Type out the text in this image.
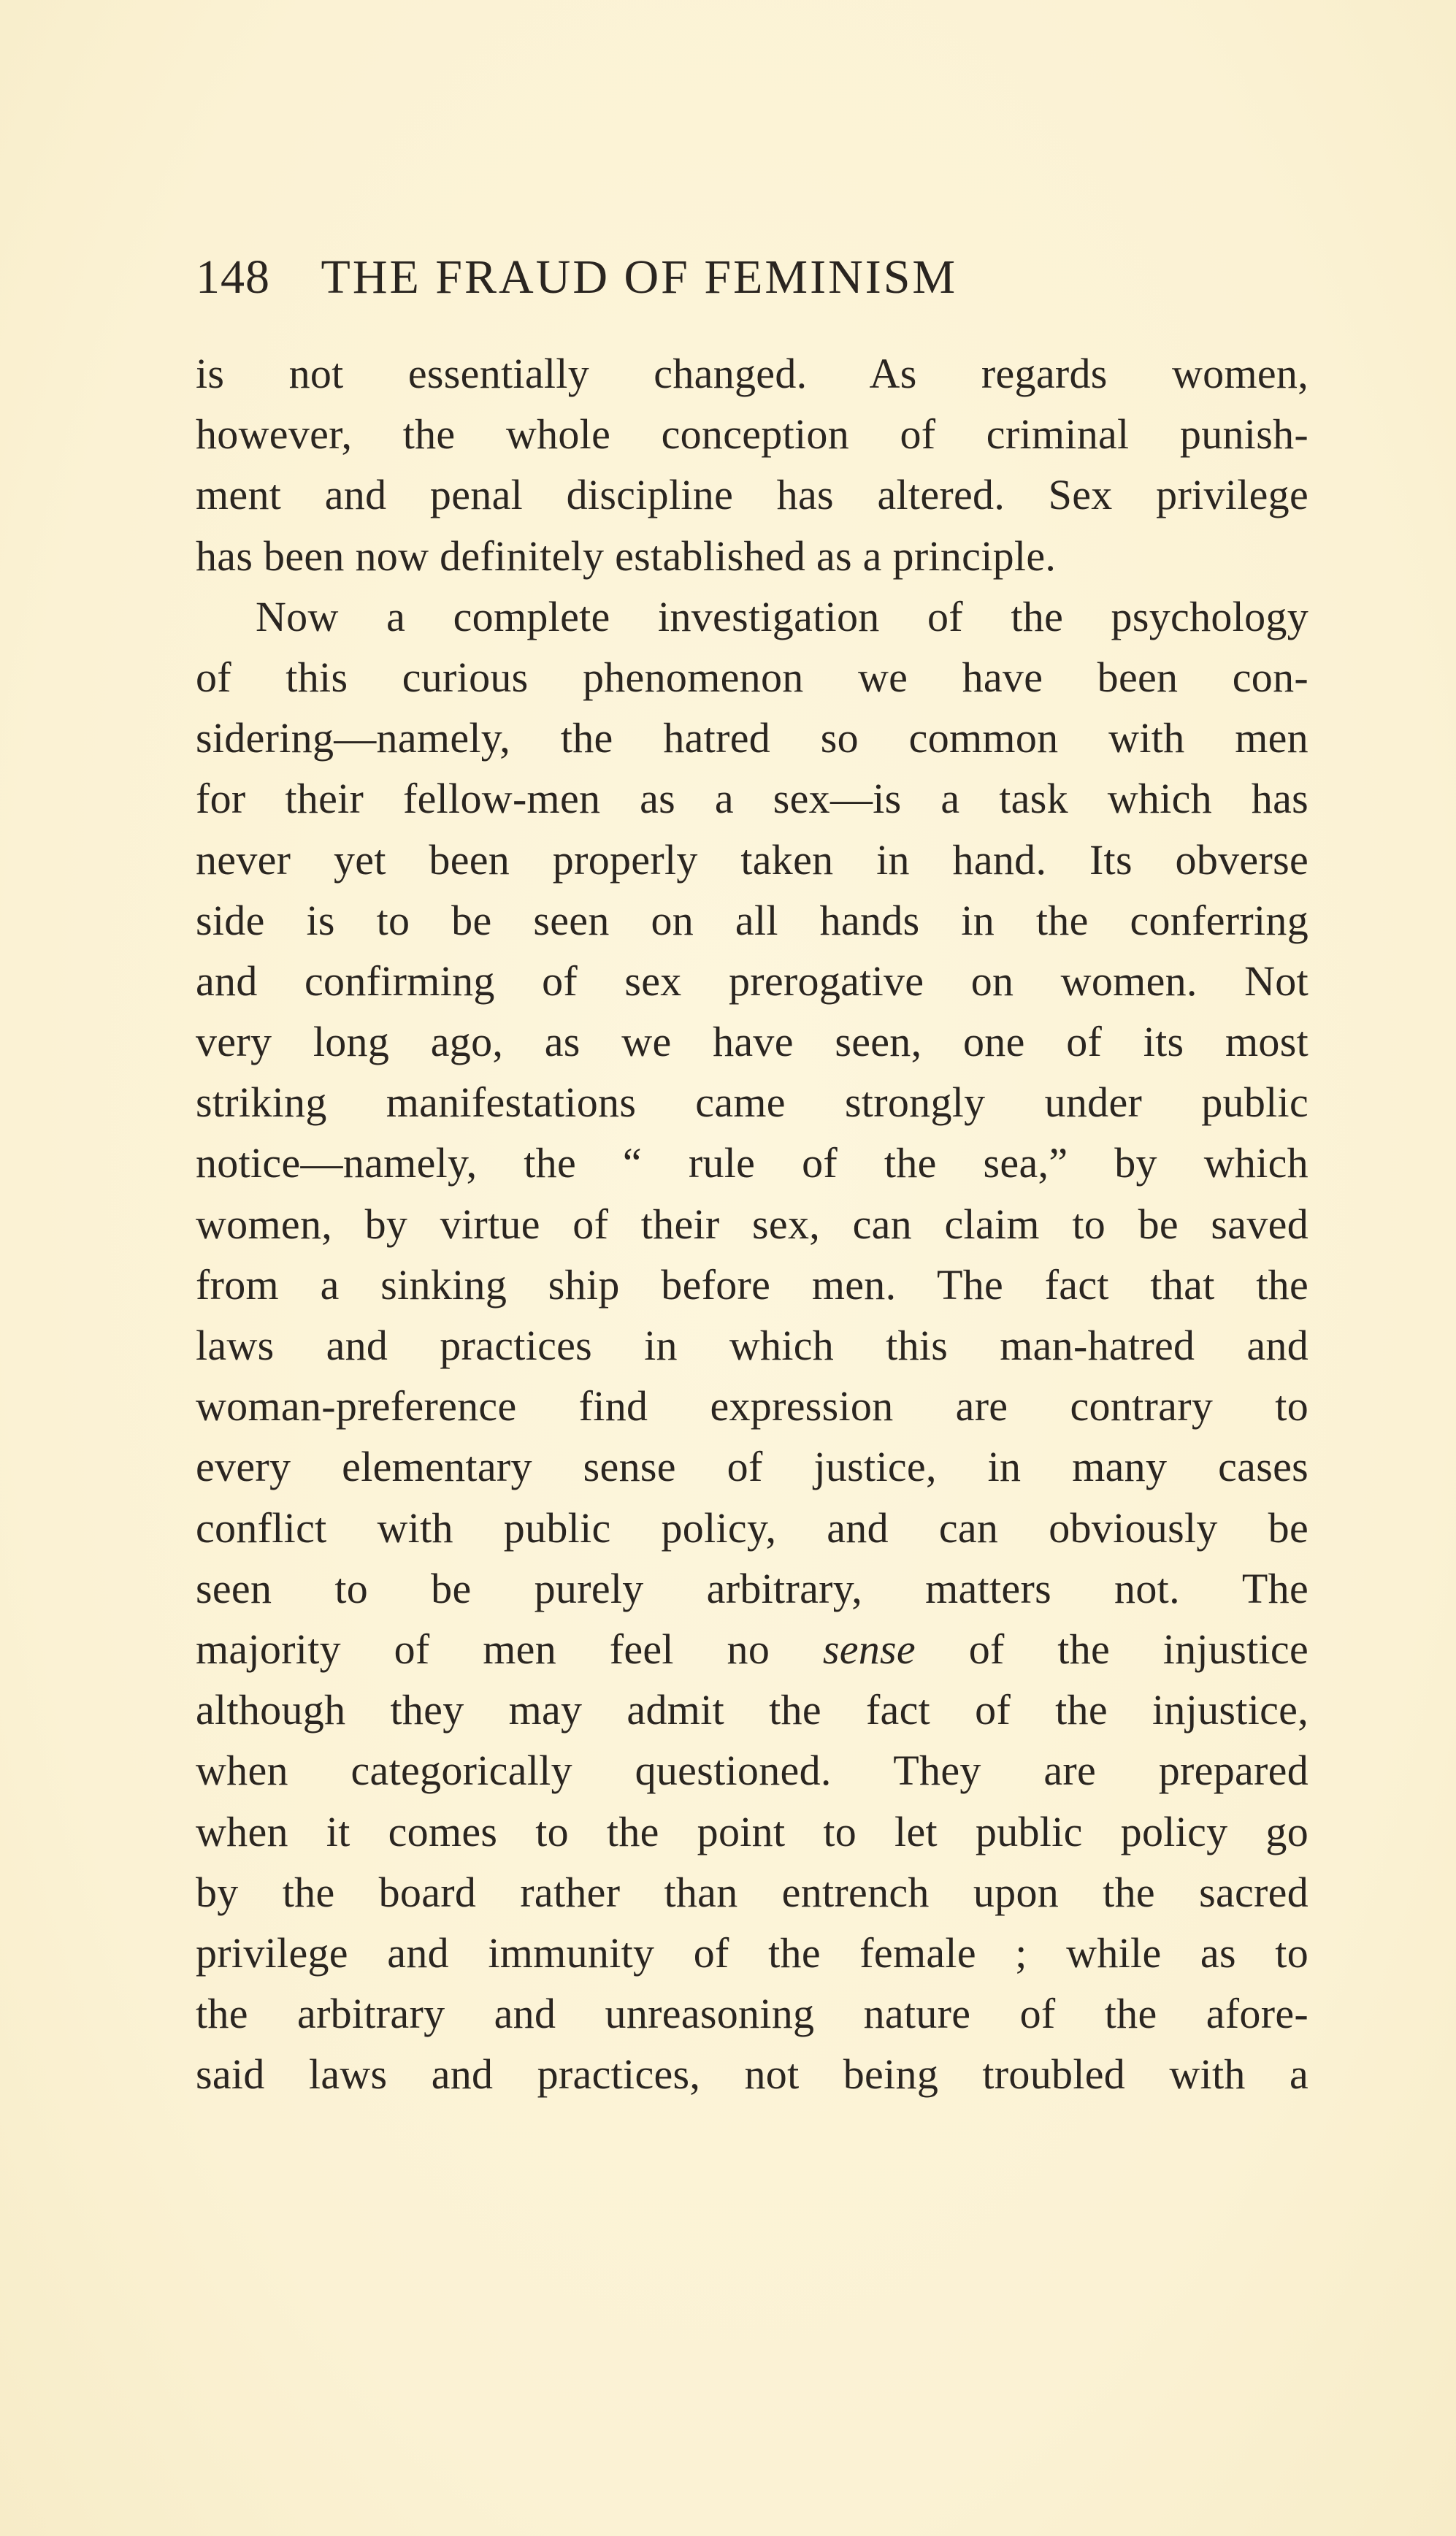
148 THE FRAUD OF FEMINISM
is not essentially changed. As regards women,
however, the whole conception of criminal punish-
ment and penal discipline has altered. Sex privilege
has been now definitely established as a principle.
Now a complete investigation of the psychology
of this curious phenomenon we have been con-
sidering—namely, the hatred so common with men
for their fellow-men as a sex—is a task which has
never yet been properly taken in hand. Its obverse
side is to be seen on all hands in the conferring
and confirming of sex prerogative on women. Not
very long ago, as we have seen, one of its most
striking manifestations came strongly under public
notice—namely, the “ rule of the sea,” by which
women, by virtue of their sex, can claim to be saved
from a sinking ship before men. The fact that the
laws and practices in which this man-hatred and
woman-preference find expression are contrary to
every elementary sense of justice, in many cases
conflict with public policy, and can obviously be
seen to be purely arbitrary, matters not. The
majority of men feel no sense of the injustice
although they may admit the fact of the injustice,
when categorically questioned. They are prepared
when it comes to the point to let public policy go
by the board rather than entrench upon the sacred
privilege and immunity of the female ; while as to
the arbitrary and unreasoning nature of the afore-
said laws and practices, not being troubled with a
